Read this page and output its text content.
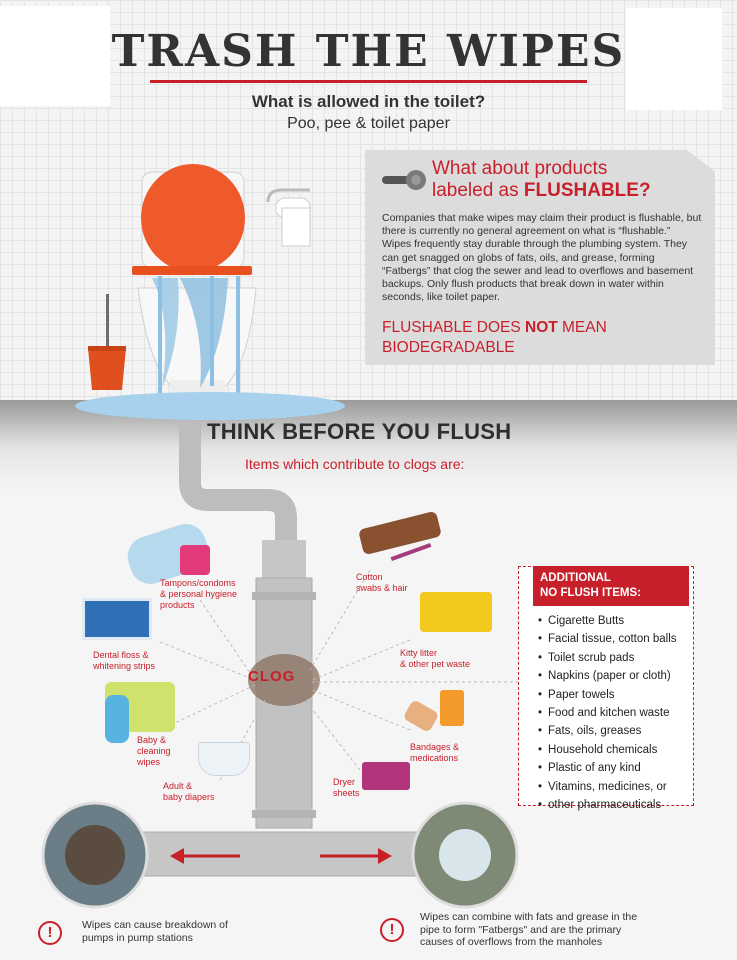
TRASH THE WIPES
What is allowed in the toilet?
Poo, pee & toilet paper
What about products
labeled as FLUSHABLE?

Companies that make wipes may claim their product is flushable, but there is currently no general agreement on what is “flushable.” Wipes frequently stay durable through the plumbing system. They can get snagged on globs of fats, oils, and grease, forming “Fatbergs” that clog the sewer and lead to overflows and basement backups. Only flush products that break down in water within seconds, like toilet paper.

FLUSHABLE DOES NOT MEAN BIODEGRADABLE
THINK BEFORE YOU FLUSH
Items which contribute to clogs are:
CLOG
Tampons/condoms
& personal hygiene
products
Dental floss &
whitening strips
Baby &
cleaning
wipes
Adult &
baby diapers
Cotton
swabs & hair
Kitty litter
& other pet waste
Bandages &
medications
Dryer
sheets
ADDITIONAL
NO FLUSH ITEMS:
• Cigarette Butts
• Facial tissue, cotton balls
• Toilet scrub pads
• Napkins (paper or cloth)
• Paper towels
• Food and kitchen waste
• Fats, oils, greases
• Household chemicals
• Plastic of any kind
• Vitamins, medicines, or
• other pharmaceuticals
!	Wipes can cause breakdown of
pumps in pump stations	!
Wipes can combine with fats and grease in the
pipe to form "Fatbergs" and are the primary
causes of overflows from the manholes
